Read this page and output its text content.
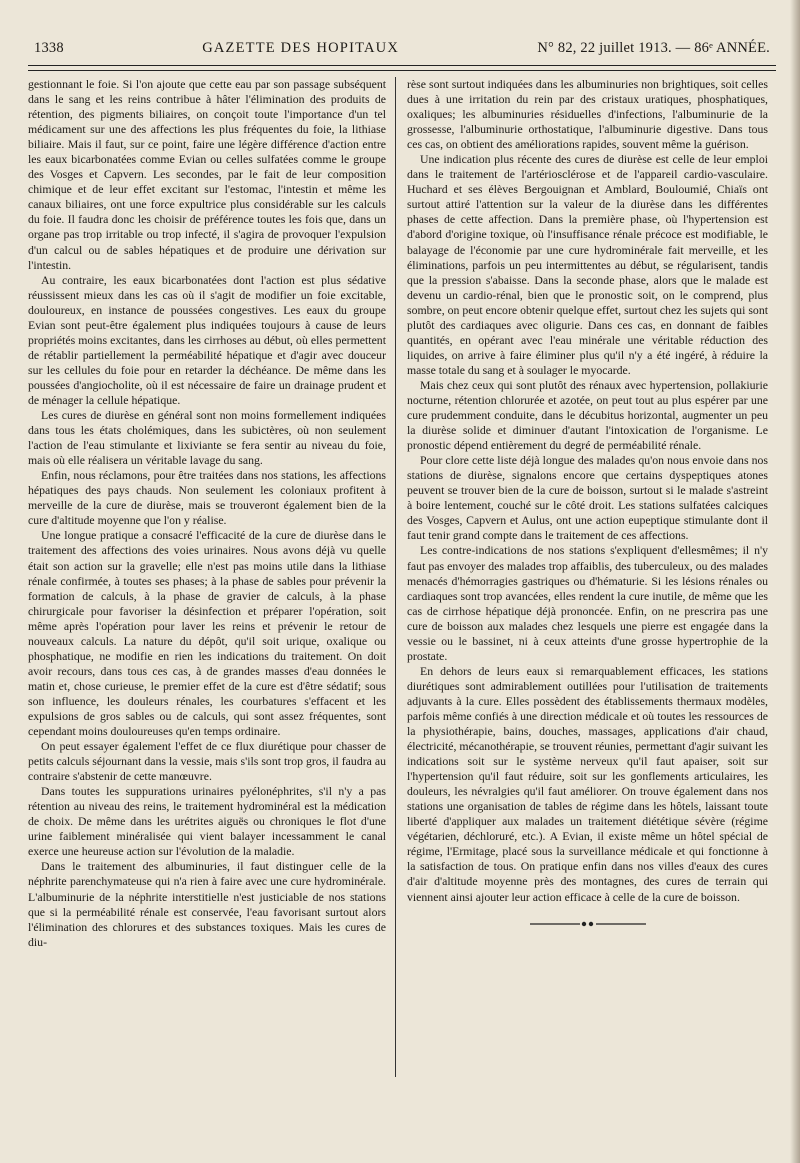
1338	GAZETTE DES HOPITAUX	N° 82, 22 juillet 1913. — 86ᵉ ANNÉE.

gestionnant le foie. Si l'on ajoute que cette eau par son passage subséquent dans le sang et les reins contribue à hâter l'élimination des produits de rétention, des pigments biliaires, on conçoit toute l'importance d'un tel médicament sur une des affections les plus fréquentes du foie, la lithiase biliaire. Mais il faut, sur ce point, faire une légère différence d'action entre les eaux bicarbonatées comme Evian ou celles sulfatées comme le groupe des Vosges et Capvern. Les secondes, par le fait de leur composition chimique et de leur effet excitant sur l'estomac, l'intestin et même les canaux biliaires, ont une force expultrice plus considérable sur les calculs du foie. Il faudra donc les choisir de préférence toutes les fois que, dans un organe pas trop irritable ou trop infecté, il s'agira de provoquer l'expulsion d'un calcul ou de sables hépatiques et de produire une dérivation sur l'intestin.

Au contraire, les eaux bicarbonatées dont l'action est plus sédative réussissent mieux dans les cas où il s'agit de modifier un foie excitable, douloureux, en instance de poussées congestives. Les eaux du groupe Evian sont peut-être également plus indiquées toujours à cause de leurs propriétés moins excitantes, dans les cirrhoses au début, où elles permettent de rétablir partiellement la perméabilité hépatique et d'agir avec douceur sur les cellules du foie pour en retarder la déchéance. De même dans les poussées d'angiocholite, où il est nécessaire de faire un drainage prudent et de ménager la cellule hépatique.

Les cures de diurèse en général sont non moins formellement indiquées dans tous les états cholémiques, dans les subictères, où non seulement l'action de l'eau stimulante et lixiviante se fera sentir au niveau du foie, mais où elle réalisera un véritable lavage du sang.

Enfin, nous réclamons, pour être traitées dans nos stations, les affections hépatiques des pays chauds. Non seulement les coloniaux profitent à merveille de la cure de diurèse, mais se trouveront également bien de la cure d'altitude moyenne que l'on y réalise.

Une longue pratique a consacré l'efficacité de la cure de diurèse dans le traitement des affections des voies urinaires. Nous avons déjà vu quelle était son action sur la gravelle; elle n'est pas moins utile dans la lithiase rénale confirmée, à toutes ses phases; à la phase de sables pour prévenir la formation de calculs, à la phase de gravier de calculs, à la phase chirurgicale pour favoriser la désinfection et préparer l'opération, soit même après l'opération pour laver les reins et prévenir le retour de nouveaux calculs. La nature du dépôt, qu'il soit urique, oxalique ou phosphatique, ne modifie en rien les indications du traitement. On doit avoir recours, dans tous ces cas, à de grandes masses d'eau données le matin et, chose curieuse, le premier effet de la cure est d'être sédatif; sous son influence, les douleurs rénales, les courbatures s'effacent et les expulsions de gros sables ou de calculs, qui sont assez fréquentes, sont cependant moins douloureuses qu'en temps ordinaire.

On peut essayer également l'effet de ce flux diurétique pour chasser de petits calculs séjournant dans la vessie, mais s'ils sont trop gros, il faudra au contraire s'abstenir de cette manœuvre.

Dans toutes les suppurations urinaires pyélonéphrites, s'il n'y a pas rétention au niveau des reins, le traitement hydrominéral est la médication de choix. De même dans les urétrites aiguës ou chroniques le flot d'une urine faiblement minéralisée qui vient balayer incessamment le canal exerce une heureuse action sur l'évolution de la maladie.

Dans le traitement des albuminuries, il faut distinguer celle de la néphrite parenchymateuse qui n'a rien à faire avec une cure hydrominérale. L'albuminurie de la néphrite interstitielle n'est justiciable de nos stations que si la perméabilité rénale est conservée, l'eau favorisant surtout alors l'élimination des chlorures et des substances toxiques. Mais les cures de diu-

rèse sont surtout indiquées dans les albuminuries non brightiques, soit celles dues à une irritation du rein par des cristaux uratiques, phosphatiques, oxaliques; les albuminuries résiduelles d'infections, l'albuminurie de la grossesse, l'albuminurie orthostatique, l'albuminurie digestive. Dans tous ces cas, on obtient des améliorations rapides, souvent même la guérison.

Une indication plus récente des cures de diurèse est celle de leur emploi dans le traitement de l'artériosclérose et de l'appareil cardio-vasculaire. Huchard et ses élèves Bergouignan et Amblard, Bouloumié, Chiaïs ont surtout attiré l'attention sur la valeur de la diurèse dans les différentes phases de cette affection. Dans la première phase, où l'hypertension est d'abord d'origine toxique, où l'insuffisance rénale précoce est modifiable, le balayage de l'économie par une cure hydrominérale fait merveille, et les éliminations, parfois un peu intermittentes au début, se régularisent, tandis que la pression s'abaisse. Dans la seconde phase, alors que le malade est devenu un cardio-rénal, bien que le pronostic soit, on le comprend, plus sombre, on peut encore obtenir quelque effet, surtout chez les sujets qui sont plutôt des cardiaques avec oligurie. Dans ces cas, en donnant de faibles quantités, en opérant avec l'eau minérale une véritable réduction des liquides, on arrive à faire éliminer plus qu'il n'y a été ingéré, à réduire la masse totale du sang et à soulager le myocarde.

Mais chez ceux qui sont plutôt des rénaux avec hypertension, pollakiurie nocturne, rétention chlorurée et azotée, on peut tout au plus espérer par une cure prudemment conduite, dans le décubitus horizontal, augmenter un peu la diurèse solide et diminuer d'autant l'intoxication de l'organisme. Le pronostic dépend entièrement du degré de perméabilité rénale.

Pour clore cette liste déjà longue des malades qu'on nous envoie dans nos stations de diurèse, signalons encore que certains dyspeptiques atones peuvent se trouver bien de la cure de boisson, surtout si le malade s'astreint à boire lentement, couché sur le côté droit. Les stations sulfatées calciques des Vosges, Capvern et Aulus, ont une action eupeptique stimulante dont il faut tenir grand compte dans le traitement de ces affections.

Les contre-indications de nos stations s'expliquent d'ellesmêmes; il n'y faut pas envoyer des malades trop affaiblis, des tuberculeux, ou des malades menacés d'hémorragies gastriques ou d'hématurie. Si les lésions rénales ou cardiaques sont trop avancées, elles rendent la cure inutile, de même que les cas de cirrhose hépatique déjà prononcée. Enfin, on ne prescrira pas une cure de boisson aux malades chez lesquels une pierre est engagée dans la vessie ou le bassinet, ni à ceux atteints d'une grosse hypertrophie de la prostate.

En dehors de leurs eaux si remarquablement efficaces, les stations diurétiques sont admirablement outillées pour l'utilisation de traitements adjuvants à la cure. Elles possèdent des établissements thermaux modèles, parfois même confiés à une direction médicale et où toutes les ressources de la physiothérapie, bains, douches, massages, applications d'air chaud, électricité, mécanothérapie, se trouvent réunies, permettant d'agir suivant les indications soit sur le système nerveux qu'il faut apaiser, soit sur l'hypertension qu'il faut réduire, soit sur les gonflements articulaires, les douleurs, les névralgies qu'il faut améliorer. On trouve également dans nos stations une organisation de tables de régime dans les hôtels, laissant toute liberté d'appliquer aux malades un traitement diététique sévère (régime végétarien, déchloruré, etc.). A Evian, il existe même un hôtel spécial de régime, l'Ermitage, placé sous la surveillance médicale et qui fonctionne à la satisfaction de tous. On pratique enfin dans nos villes d'eaux des cures d'air d'altitude moyenne près des montagnes, des cures de terrain qui viennent ainsi ajouter leur action efficace à celle de la cure de boisson.
